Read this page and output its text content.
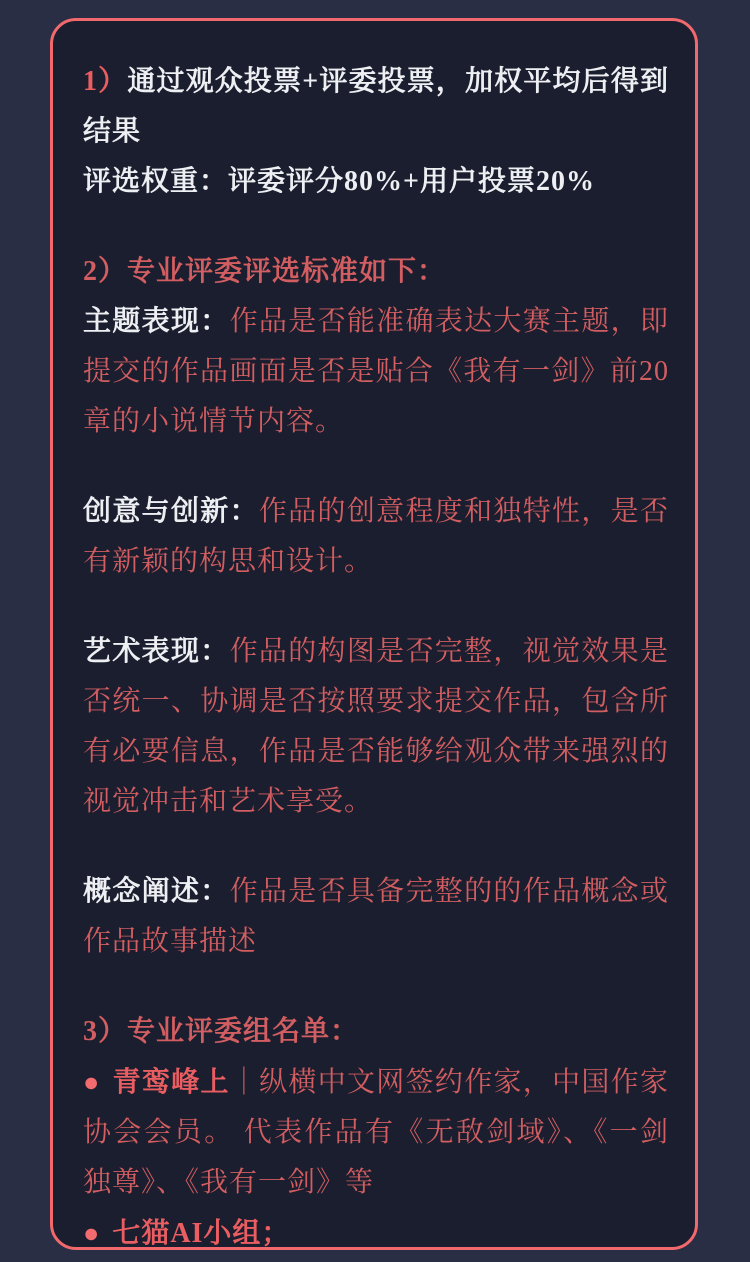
1）通过观众投票+评委投票，加权平均后得到结果
评选权重：评委评分80%+用户投票20%

2）专业评委评选标准如下：

主题表现：作品是否能准确表达大赛主题，即提交的作品画面是否是贴合《我有一剑》前20章的小说情节内容。

创意与创新：作品的创意程度和独特性，是否有新颖的构思和设计。

艺术表现：作品的构图是否完整，视觉效果是否统一、协调是否按照要求提交作品，包含所有必要信息，作品是否能够给观众带来强烈的视觉冲击和艺术享受。

概念阐述：作品是否具备完整的的作品概念或作品故事描述

3）专业评委组名单：

● 青鸾峰上｜纵横中文网签约作家，中国作家协会会员。 代表作品有《无敌剑域》、《一剑独尊》、《我有一剑》等

● 七猫AI小组；
